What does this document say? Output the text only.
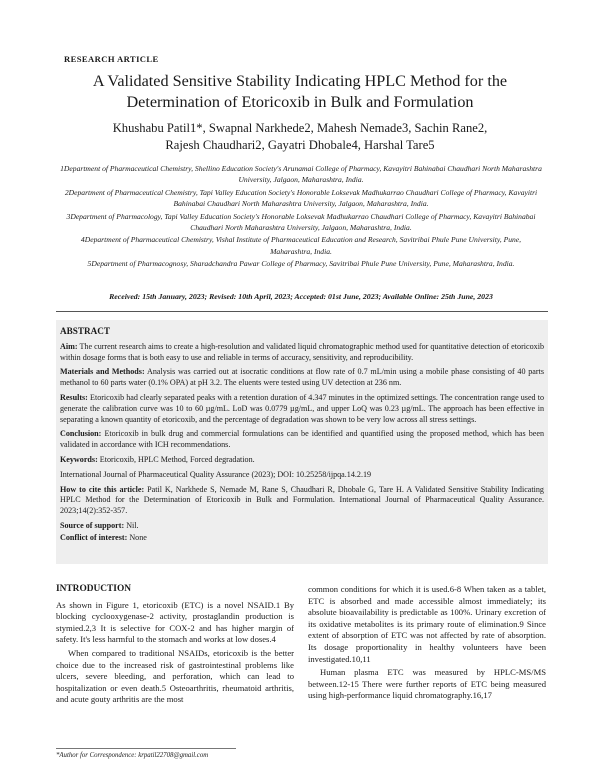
RESEARCH ARTICLE
A Validated Sensitive Stability Indicating HPLC Method for the Determination of Etoricoxib in Bulk and Formulation
Khushabu Patil1*, Swapnal Narkhede2, Mahesh Nemade3, Sachin Rane2,
Rajesh Chaudhari2, Gayatri Dhobale4, Harshal Tare5

1Department of Pharmaceutical Chemistry, Shellino Education Society's Arunamai College of Pharmacy, Kavayitri Bahinabai Chaudhari North Maharashtra University, Jalgaon, Maharashtra, India.

2Department of Pharmaceutical Chemistry, Tapi Valley Education Society's Honorable Loksevak Madhukarrao Chaudhari College of Pharmacy, Kavayitri Bahinabai Chaudhari North Maharashtra University, Jalgaon, Maharashtra, India.

3Department of Pharmacology, Tapi Valley Education Society's Honorable Loksevak Madhukarrao Chaudhari College of Pharmacy, Kavayitri Bahinabai Chaudhari North Maharashtra University, Jalgaon, Maharashtra, India.

4Department of Pharmaceutical Chemistry, Vishal Institute of Pharmaceutical Education and Research, Savitribai Phule Pune University, Pune, Maharashtra, India.

5Department of Pharmacognosy, Sharadchandra Pawar College of Pharmacy, Savitribai Phule Pune University, Pune, Maharashtra, India.

Received: 15th January, 2023; Revised: 10th April, 2023; Accepted: 01st June, 2023; Available Online: 25th June, 2023
ABSTRACT

Aim: The current research aims to create a high-resolution and validated liquid chromatographic method used for quantitative detection of etoricoxib within dosage forms that is both easy to use and reliable in terms of accuracy, sensitivity, and reproducibility.

Materials and Methods: Analysis was carried out at isocratic conditions at flow rate of 0.7 mL/min using a mobile phase consisting of 40 parts methanol to 60 parts water (0.1% OPA) at pH 3.2. The eluents were tested using UV detection at 236 nm.

Results: Etoricoxib had clearly separated peaks with a retention duration of 4.347 minutes in the optimized settings. The concentration range used to generate the calibration curve was 10 to 60 µg/mL. LoD was 0.0779 µg/mL, and upper LoQ was 0.23 µg/mL. The approach has been effective in separating a known quantity of etoricoxib, and the percentage of degradation was shown to be very low across all stress settings.

Conclusion: Etoricoxib in bulk drug and commercial formulations can be identified and quantified using the proposed method, which has been validated in accordance with ICH recommendations.

Keywords: Etoricoxib, HPLC Method, Forced degradation.

International Journal of Pharmaceutical Quality Assurance (2023); DOI: 10.25258/ijpqa.14.2.19

How to cite this article: Patil K, Narkhede S, Nemade M, Rane S, Chaudhari R, Dhobale G, Tare H. A Validated Sensitive Stability Indicating HPLC Method for the Determination of Etoricoxib in Bulk and Formulation. International Journal of Pharmaceutical Quality Assurance. 2023;14(2):352-357.

Source of support: Nil.

Conflict of interest: None

INTRODUCTION

As shown in Figure 1, etoricoxib (ETC) is a novel NSAID.1 By blocking cyclooxygenase-2 activity, prostaglandin production is stymied.2,3 It is selective for COX-2 and has higher margin of safety. It's less harmful to the stomach and works at low doses.4

When compared to traditional NSAIDs, etoricoxib is the better choice due to the increased risk of gastrointestinal problems like ulcers, severe bleeding, and perforation, which can lead to hospitalization or even death.5 Osteoarthritis, rheumatoid arthritis, and acute gouty arthritis are the most

common conditions for which it is used.6-8 When taken as a tablet, ETC is absorbed and made accessible almost immediately; its absolute bioavailability is predictable as 100%. Urinary excretion of its oxidative metabolites is its primary route of elimination.9 Since extent of absorption of ETC was not affected by rate of absorption. Its dosage proportionality in healthy volunteers have been investigated.10,11

Human plasma ETC was measured by HPLC-MS/MS between.12-15 There were further reports of ETC being measured using high-performance liquid chromatography.16,17

*Author for Correspondence: krpatil22708@gmail.com
